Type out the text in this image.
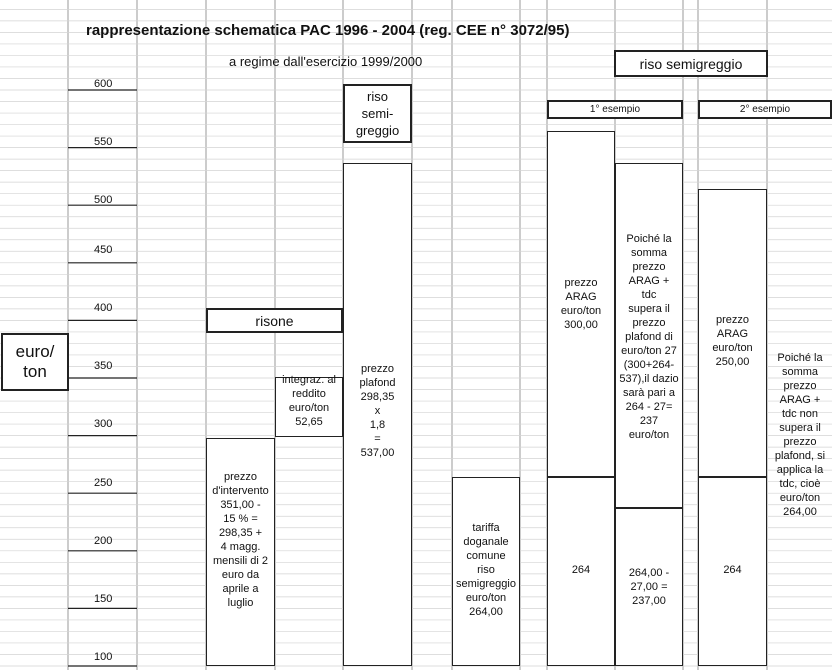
rappresentazione schematica PAC 1996 - 2004 (reg. CEE n° 3072/95)
a regime dall'esercizio 1999/2000
600
550
500
450
400
350
300
250
200
150
100
euro/
ton
risone
riso semigreggio
riso
semi-
greggio
1° esempio	2° esempio
prezzo
d'intervento
351,00 -
15 % =
298,35 +
4 magg.
mensili di 2
euro da
aprile a
luglio
integraz. al
reddito
euro/ton
52,65
prezzo
plafond
298,35
x
1,8
=
537,00
tariffa
doganale
comune
riso
semigreggio
euro/ton
264,00
prezzo
ARAG
euro/ton
300,00
264
Poiché la
somma
prezzo
ARAG +
tdc
supera il
prezzo
plafond di
euro/ton 27
(300+264-
537),il dazio
sarà pari a
264 - 27=
237
euro/ton
264,00 -
27,00 =
237,00
prezzo
ARAG
euro/ton
250,00
264
Poiché la
somma
prezzo
ARAG +
tdc non
supera il
prezzo
plafond, si
applica la
tdc, cioè
euro/ton
264,00
